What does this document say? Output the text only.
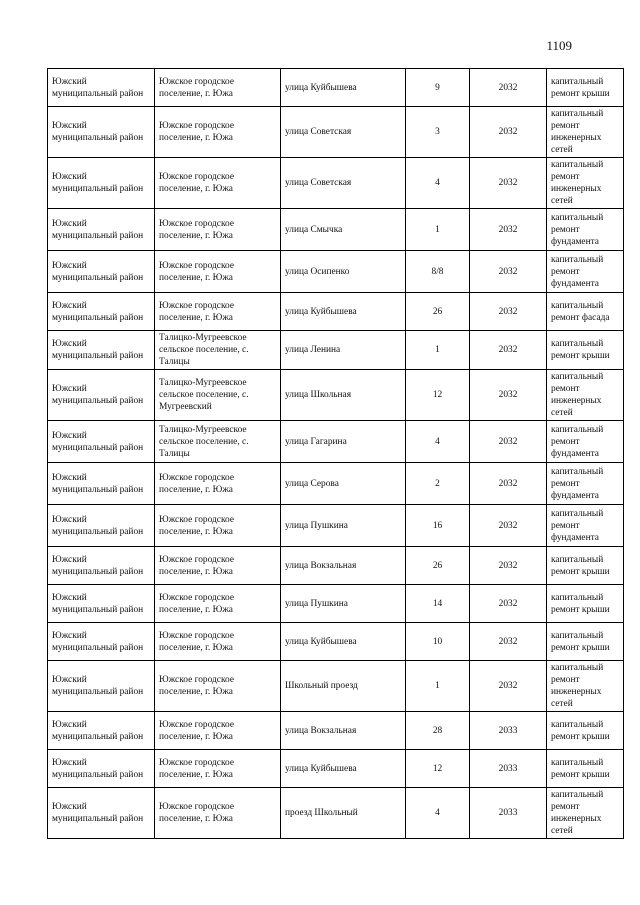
1109
Южский муниципальный район	Южское городское поселение, г. Южа	улица Куйбышева	9	2032	капитальный ремонт крыши
Южский муниципальный район	Южское городское поселение, г. Южа	улица Советская	3	2032	капитальный ремонт инженерных сетей
Южский муниципальный район	Южское городское поселение, г. Южа	улица Советская	4	2032	капитальный ремонт инженерных сетей
Южский муниципальный район	Южское городское поселение, г. Южа	улица Смычка	1	2032	капитальный ремонт фундамента
Южский муниципальный район	Южское городское поселение, г. Южа	улица Осипенко	8/8	2032	капитальный ремонт фундамента
Южский муниципальный район	Южское городское поселение, г. Южа	улица Куйбышева	26	2032	капитальный ремонт фасада
Южский муниципальный район	Талицко-Мугреевское сельское поселение, с. Талицы	улица Ленина	1	2032	капитальный ремонт крыши
Южский муниципальный район	Талицко-Мугреевское сельское поселение, с. Мугреевский	улица Школьная	12	2032	капитальный ремонт инженерных сетей
Южский муниципальный район	Талицко-Мугреевское сельское поселение, с. Талицы	улица Гагарина	4	2032	капитальный ремонт фундамента
Южский муниципальный район	Южское городское поселение, г. Южа	улица Серова	2	2032	капитальный ремонт фундамента
Южский муниципальный район	Южское городское поселение, г. Южа	улица Пушкина	16	2032	капитальный ремонт фундамента
Южский муниципальный район	Южское городское поселение, г. Южа	улица Вокзальная	26	2032	капитальный ремонт крыши
Южский муниципальный район	Южское городское поселение, г. Южа	улица Пушкина	14	2032	капитальный ремонт крыши
Южский муниципальный район	Южское городское поселение, г. Южа	улица Куйбышева	10	2032	капитальный ремонт крыши
Южский муниципальный район	Южское городское поселение, г. Южа	Школьный проезд	1	2032	капитальный ремонт инженерных сетей
Южский муниципальный район	Южское городское поселение, г. Южа	улица Вокзальная	28	2033	капитальный ремонт крыши
Южский муниципальный район	Южское городское поселение, г. Южа	улица Куйбышева	12	2033	капитальный ремонт крыши
Южский муниципальный район	Южское городское поселение, г. Южа	проезд Школьный	4	2033	капитальный ремонт инженерных сетей
